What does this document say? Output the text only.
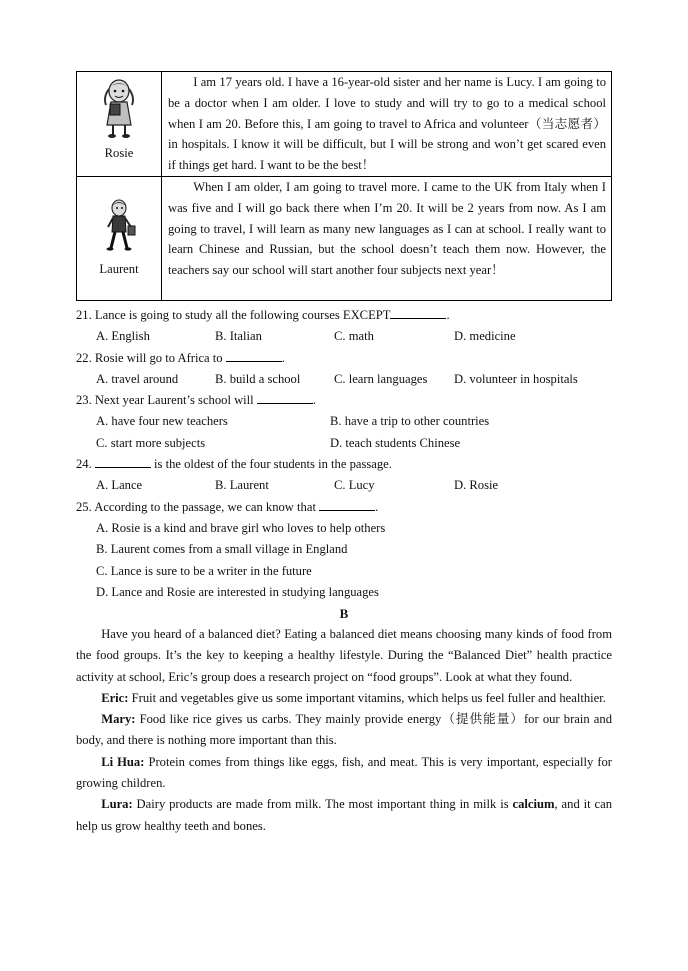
Rosie	I am 17 years old. I have a 16-year-old sister and her name is Lucy. I am going to be a doctor when I am older. I love to study and will try to go to a medical school when I am 20. Before this, I am going to travel to Africa and volunteer（当志愿者）in hospitals. I know it will be difficult, but I will be strong and won’t get scared even if things get hard. I want to be the best！

Laurent	When I am older, I am going to travel more. I came to the UK from Italy when I was five and I will go back there when I’m 20. It will be 2 years from now. As I am going to travel, I will learn as many new languages as I can at school. I really want to learn Chinese and Russian, but the school doesn’t teach them now. However, the teachers say our school will start another four subjects next year！

21. Lance is going to study all the following courses EXCEPT	.

A. English	B. Italian	C. math	D. medicine

22. Rosie will go to Africa to	.

A. travel around	B. build a school	C. learn languages D. volunteer in hospitals

23. Next year Laurent’s school will	.

A. have four new teachers	B. have a trip to other countries
C. start more subjects	D. teach students Chinese

24.	is the oldest of the four students in the passage.

A. Lance	B. Laurent	C. Lucy	D. Rosie

25. According to the passage, we can know that	.

A. Rosie is a kind and brave girl who loves to help others
B. Laurent comes from a small village in England
C. Lance is sure to be a writer in the future
D. Lance and Rosie are interested in studying languages
B

Have you heard of a balanced diet? Eating a balanced diet means choosing many kinds of food from the food groups. It’s the key to keeping a healthy lifestyle. During the “Balanced Diet” health practice activity at school, Eric’s group does a research project on “food groups”. Look at what they found.

Eric: Fruit and vegetables give us some important vitamins, which helps us feel fuller and healthier.

Mary: Food like rice gives us carbs. They mainly provide energy（提供能量）for our brain and body, and there is nothing more important than this.

Li Hua: Protein comes from things like eggs, fish, and meat. This is very important, especially for growing children.

Lura: Dairy products are made from milk. The most important thing in milk is calcium, and it can help us grow healthy teeth and bones.
